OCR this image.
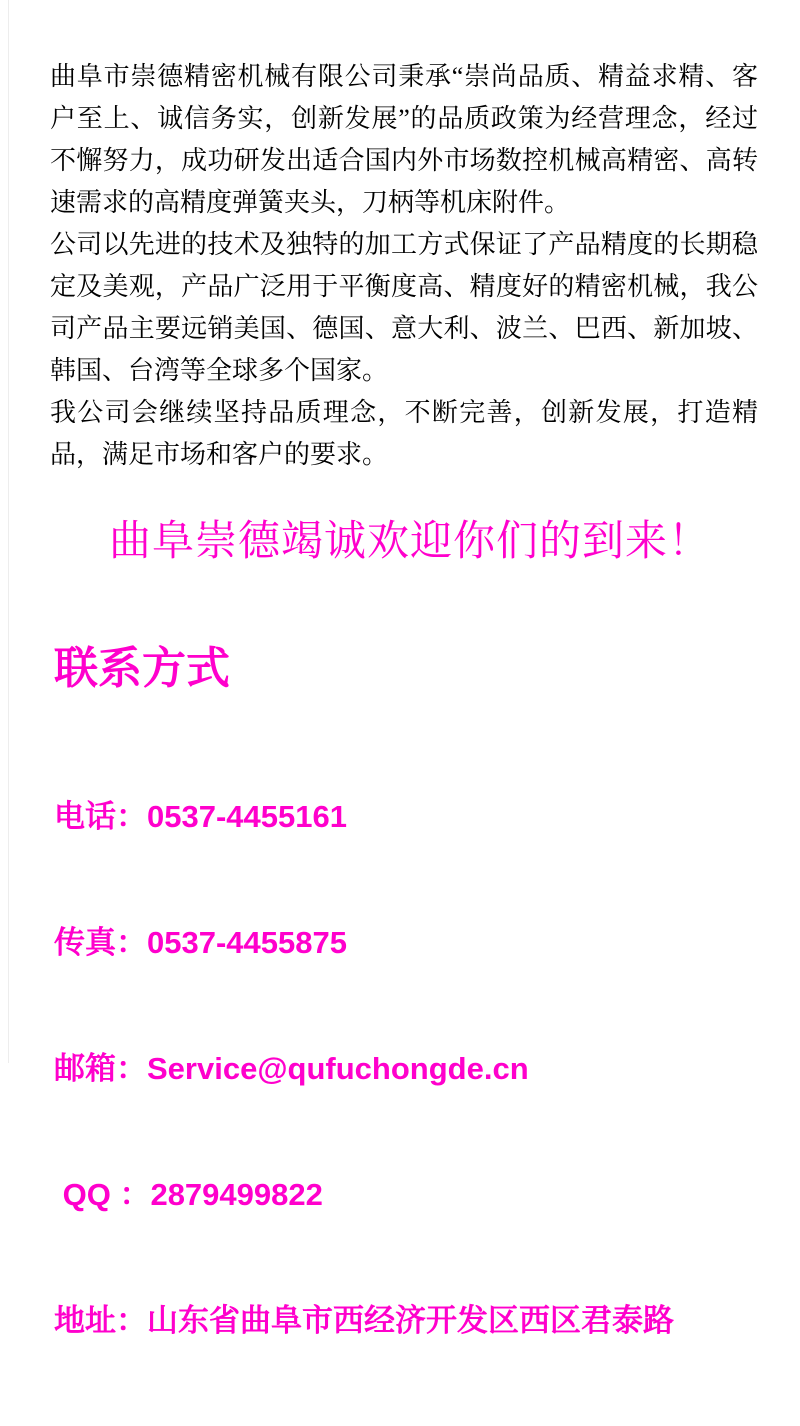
曲阜市崇德精密机械有限公司秉承“崇尚品质、精益求精、客户至上、诚信务实，创新发展”的品质政策为经营理念，经过不懈努力，成功研发出适合国内外市场数控机械高精密、高转速需求的高精度弹簧夹头，刀柄等机床附件。

公司以先进的技术及独特的加工方式保证了产品精度的长期稳定及美观，产品广泛用于平衡度高、精度好的精密机械，我公司产品主要远销美国、德国、意大利、波兰、巴西、新加坡、韩国、台湾等全球多个国家。

我公司会继续坚持品质理念，不断完善，创新发展，打造精品，满足市场和客户的要求。

曲阜崇德竭诚欢迎你们的到来！
联系方式

电话：0537-4455161

传真：0537-4455875

邮箱：Service@qufuchongde.cn

QQ ：2879499822

地址：山东省曲阜市西经济开发区西区君泰路
